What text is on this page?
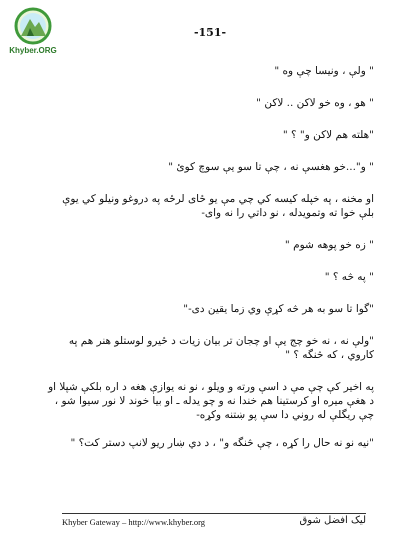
Khyber.ORG
-151-

" ولې ، ونيسا چې وه "

" هو ، وه خو لاكن .. لاكن "

"هلته هم لاكن و" ؟ "

" و"...خو هغسې نه ، چې تا سو يې سوچ كوئ "

او مخنه ، په خپله كيسه كي چي مې يو ځاى لرځه په دروغو ونيلو كي يوې بلې خوا ته وتمويدله ، نو داتي را نه واى-

" زه خو پوهه شوم "

" په څه ؟ "

"گوا تا سو به هر څه كړې وي زما يقين دى-"

"ولې نه ، نه خو چج يې او چجان تر بيان زيات د ځيرو لوستلو هنر هم په كاروي ، كه څنگه ؟ "

په اخير كې چې مې د اسې ورته و ويلو ، نو نه يوازې هغه د اره بلكې شپلا او د هغې ميره او كرستينا هم خندا نه و چو يدله ـ او بيا خوند لا نور سيوا شو ، چې ريگلې له روني دا سې پو ښتنه وكړه-

"نيه نو نه حال را كړه ، چې څنگه و" ، د دي ښار ريو لانپ دستر كت؟ "

Khyber Gateway – http://www.khyber.org	ليک افضل شوق
